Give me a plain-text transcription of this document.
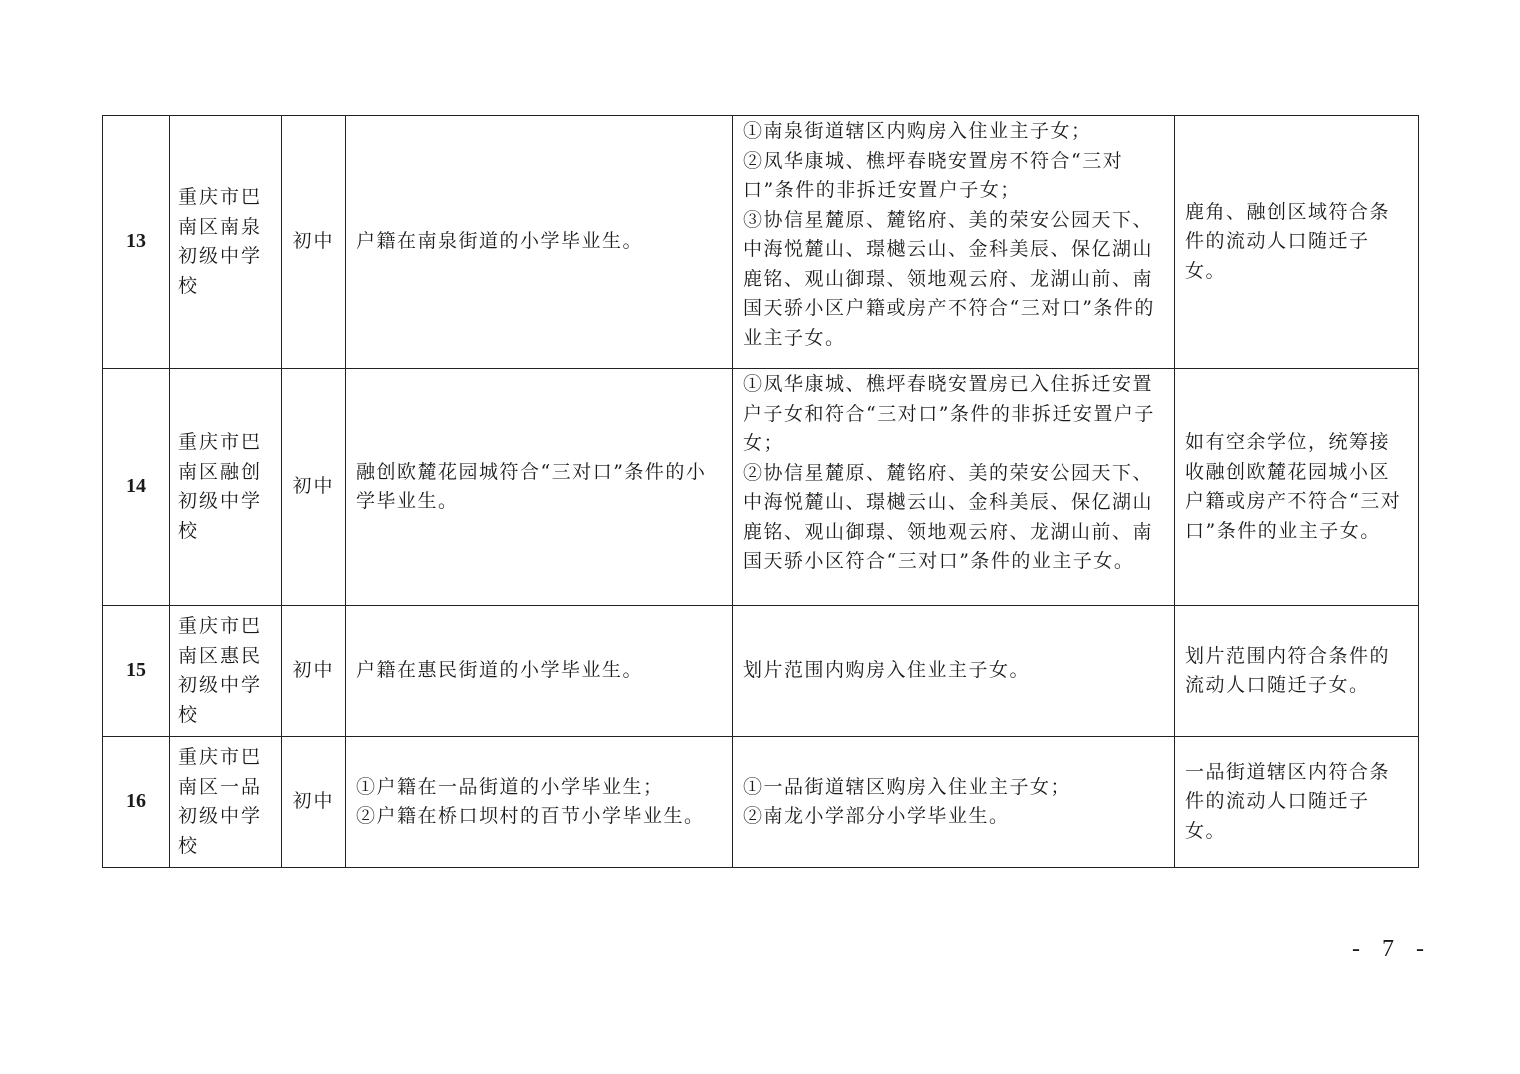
13	重庆市巴南区南泉初级中学校	初中	户籍在南泉街道的小学毕业生。	①南泉街道辖区内购房入住业主子女；
②凤华康城、樵坪春晓安置房不符合“三对口”条件的非拆迁安置户子女；
③协信星麓原、麓铭府、美的荣安公园天下、中海悦麓山、璟樾云山、金科美辰、保亿湖山鹿铭、观山御璟、领地观云府、龙湖山前、南国天骄小区户籍或房产不符合“三对口”条件的业主子女。	鹿角、融创区域符合条件的流动人口随迁子女。
14	重庆市巴南区融创初级中学校	初中	融创欧麓花园城符合“三对口”条件的小学毕业生。	①凤华康城、樵坪春晓安置房已入住拆迁安置户子女和符合“三对口”条件的非拆迁安置户子女；
②协信星麓原、麓铭府、美的荣安公园天下、中海悦麓山、璟樾云山、金科美辰、保亿湖山鹿铭、观山御璟、领地观云府、龙湖山前、南国天骄小区符合“三对口”条件的业主子女。	如有空余学位，统筹接收融创欧麓花园城小区户籍或房产不符合“三对口”条件的业主子女。
15	重庆市巴南区惠民初级中学校	初中	户籍在惠民街道的小学毕业生。	划片范围内购房入住业主子女。	划片范围内符合条件的流动人口随迁子女。
16	重庆市巴南区一品初级中学校	初中	①户籍在一品街道的小学毕业生；
②户籍在桥口坝村的百节小学毕业生。	①一品街道辖区购房入住业主子女；
②南龙小学部分小学毕业生。	一品街道辖区内符合条件的流动人口随迁子女。
- 7 -
